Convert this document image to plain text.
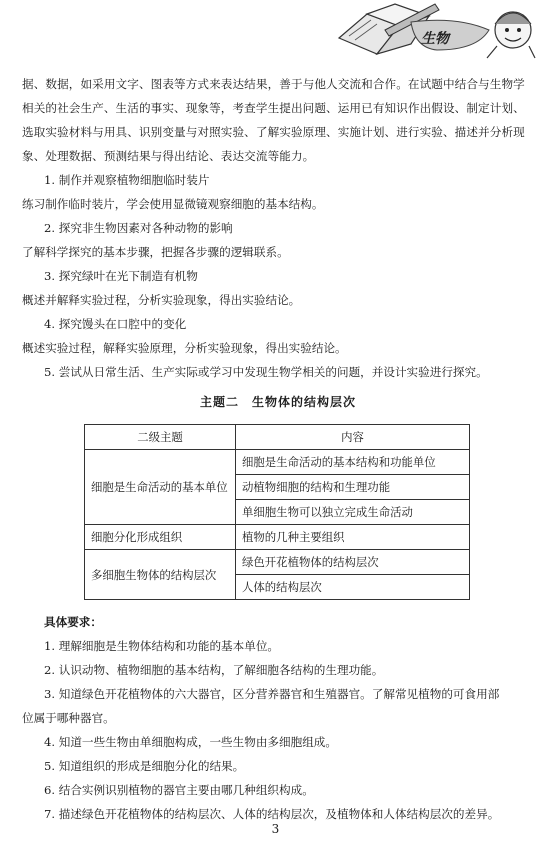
生物

据、数据，如采用文字、图表等方式来表达结果，善于与他人交流和合作。在试题中结合与生物学

相关的社会生产、生活的事实、现象等，考查学生提出问题、运用已有知识作出假设、制定计划、

选取实验材料与用具、识别变量与对照实验、了解实验原理、实施计划、进行实验、描述并分析现

象、处理数据、预测结果与得出结论、表达交流等能力。

1. 制作并观察植物细胞临时装片

练习制作临时装片，学会使用显微镜观察细胞的基本结构。

2. 探究非生物因素对各种动物的影响

了解科学探究的基本步骤，把握各步骤的逻辑联系。

3. 探究绿叶在光下制造有机物

概述并解释实验过程，分析实验现象，得出实验结论。

4. 探究馒头在口腔中的变化

概述实验过程，解释实验原理，分析实验现象，得出实验结论。

5. 尝试从日常生活、生产实际或学习中发现生物学相关的问题，并设计实验进行探究。

主题二　生物体的结构层次
二级主题	内容
细胞是生命活动的基本单位	细胞是生命活动的基本结构和功能单位
	动植物细胞的结构和生理功能
	单细胞生物可以独立完成生命活动
细胞分化形成组织	植物的几种主要组织
多细胞生物体的结构层次	绿色开花植物体的结构层次
	人体的结构层次

具体要求：

1. 理解细胞是生物体结构和功能的基本单位。

2. 认识动物、植物细胞的基本结构，了解细胞各结构的生理功能。

3. 知道绿色开花植物体的六大器官，区分营养器官和生殖器官。了解常见植物的可食用部

位属于哪种器官。

4. 知道一些生物由单细胞构成，一些生物由多细胞组成。

5. 知道组织的形成是细胞分化的结果。

6. 结合实例识别植物的器官主要由哪几种组织构成。

7. 描述绿色开花植物体的结构层次、人体的结构层次，及植物体和人体结构层次的差异。

3
